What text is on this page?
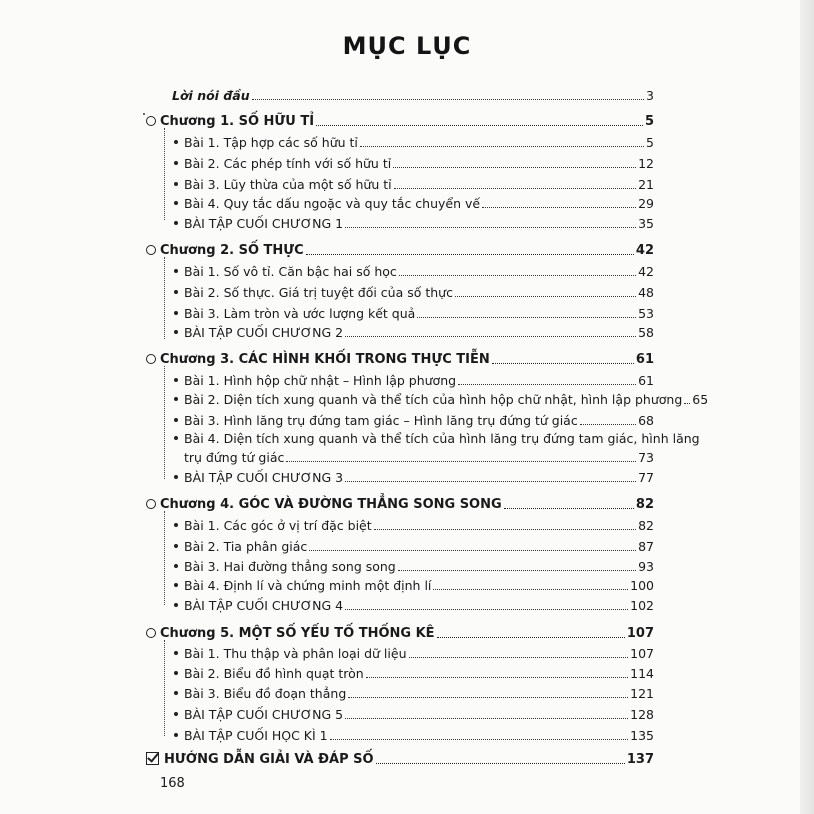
MỤC LỤC
Lời nói đầu	3
Chương 1. SỐ HỮU TỈ	5
Bài 1. Tập hợp các số hữu tỉ	5
Bài 2. Các phép tính với số hữu tỉ	12
Bài 3. Lũy thừa của một số hữu tỉ	21
Bài 4. Quy tắc dấu ngoặc và quy tắc chuyển vế	29
BÀI TẬP CUỐI CHƯƠNG 1	35
Chương 2. SỐ THỰC	42
Bài 1. Số vô tỉ. Căn bậc hai số học	42
Bài 2. Số thực. Giá trị tuyệt đối của số thực	48
Bài 3. Làm tròn và ước lượng kết quả	53
BÀI TẬP CUỐI CHƯƠNG 2	58
Chương 3. CÁC HÌNH KHỐI TRONG THỰC TIỄN	61
Bài 1. Hình hộp chữ nhật – Hình lập phương	61
Bài 2. Diện tích xung quanh và thể tích của hình hộp chữ nhật, hình lập phương 65
Bài 3. Hình lăng trụ đứng tam giác – Hình lăng trụ đứng tứ giác	68
Bài 4. Diện tích xung quanh và thể tích của hình lăng trụ đứng tam giác, hình lăng
trụ đứng tứ giác	73
BÀI TẬP CUỐI CHƯƠNG 3	77
Chương 4. GÓC VÀ ĐƯỜNG THẲNG SONG SONG	82
Bài 1. Các góc ở vị trí đặc biệt	82
Bài 2. Tia phân giác	87
Bài 3. Hai đường thẳng song song	93
Bài 4. Định lí và chứng minh một định lí	100
BÀI TẬP CUỐI CHƯƠNG 4	102
Chương 5. MỘT SỐ YẾU TỐ THỐNG KÊ	107
Bài 1. Thu thập và phân loại dữ liệu	107
Bài 2. Biểu đồ hình quạt tròn	114
Bài 3. Biểu đồ đoạn thẳng	121
BÀI TẬP CUỐI CHƯƠNG 5	128
BÀI TẬP CUỐI HỌC KÌ 1	135
HƯỚNG DẪN GIẢI VÀ ĐÁP SỐ	137
168
